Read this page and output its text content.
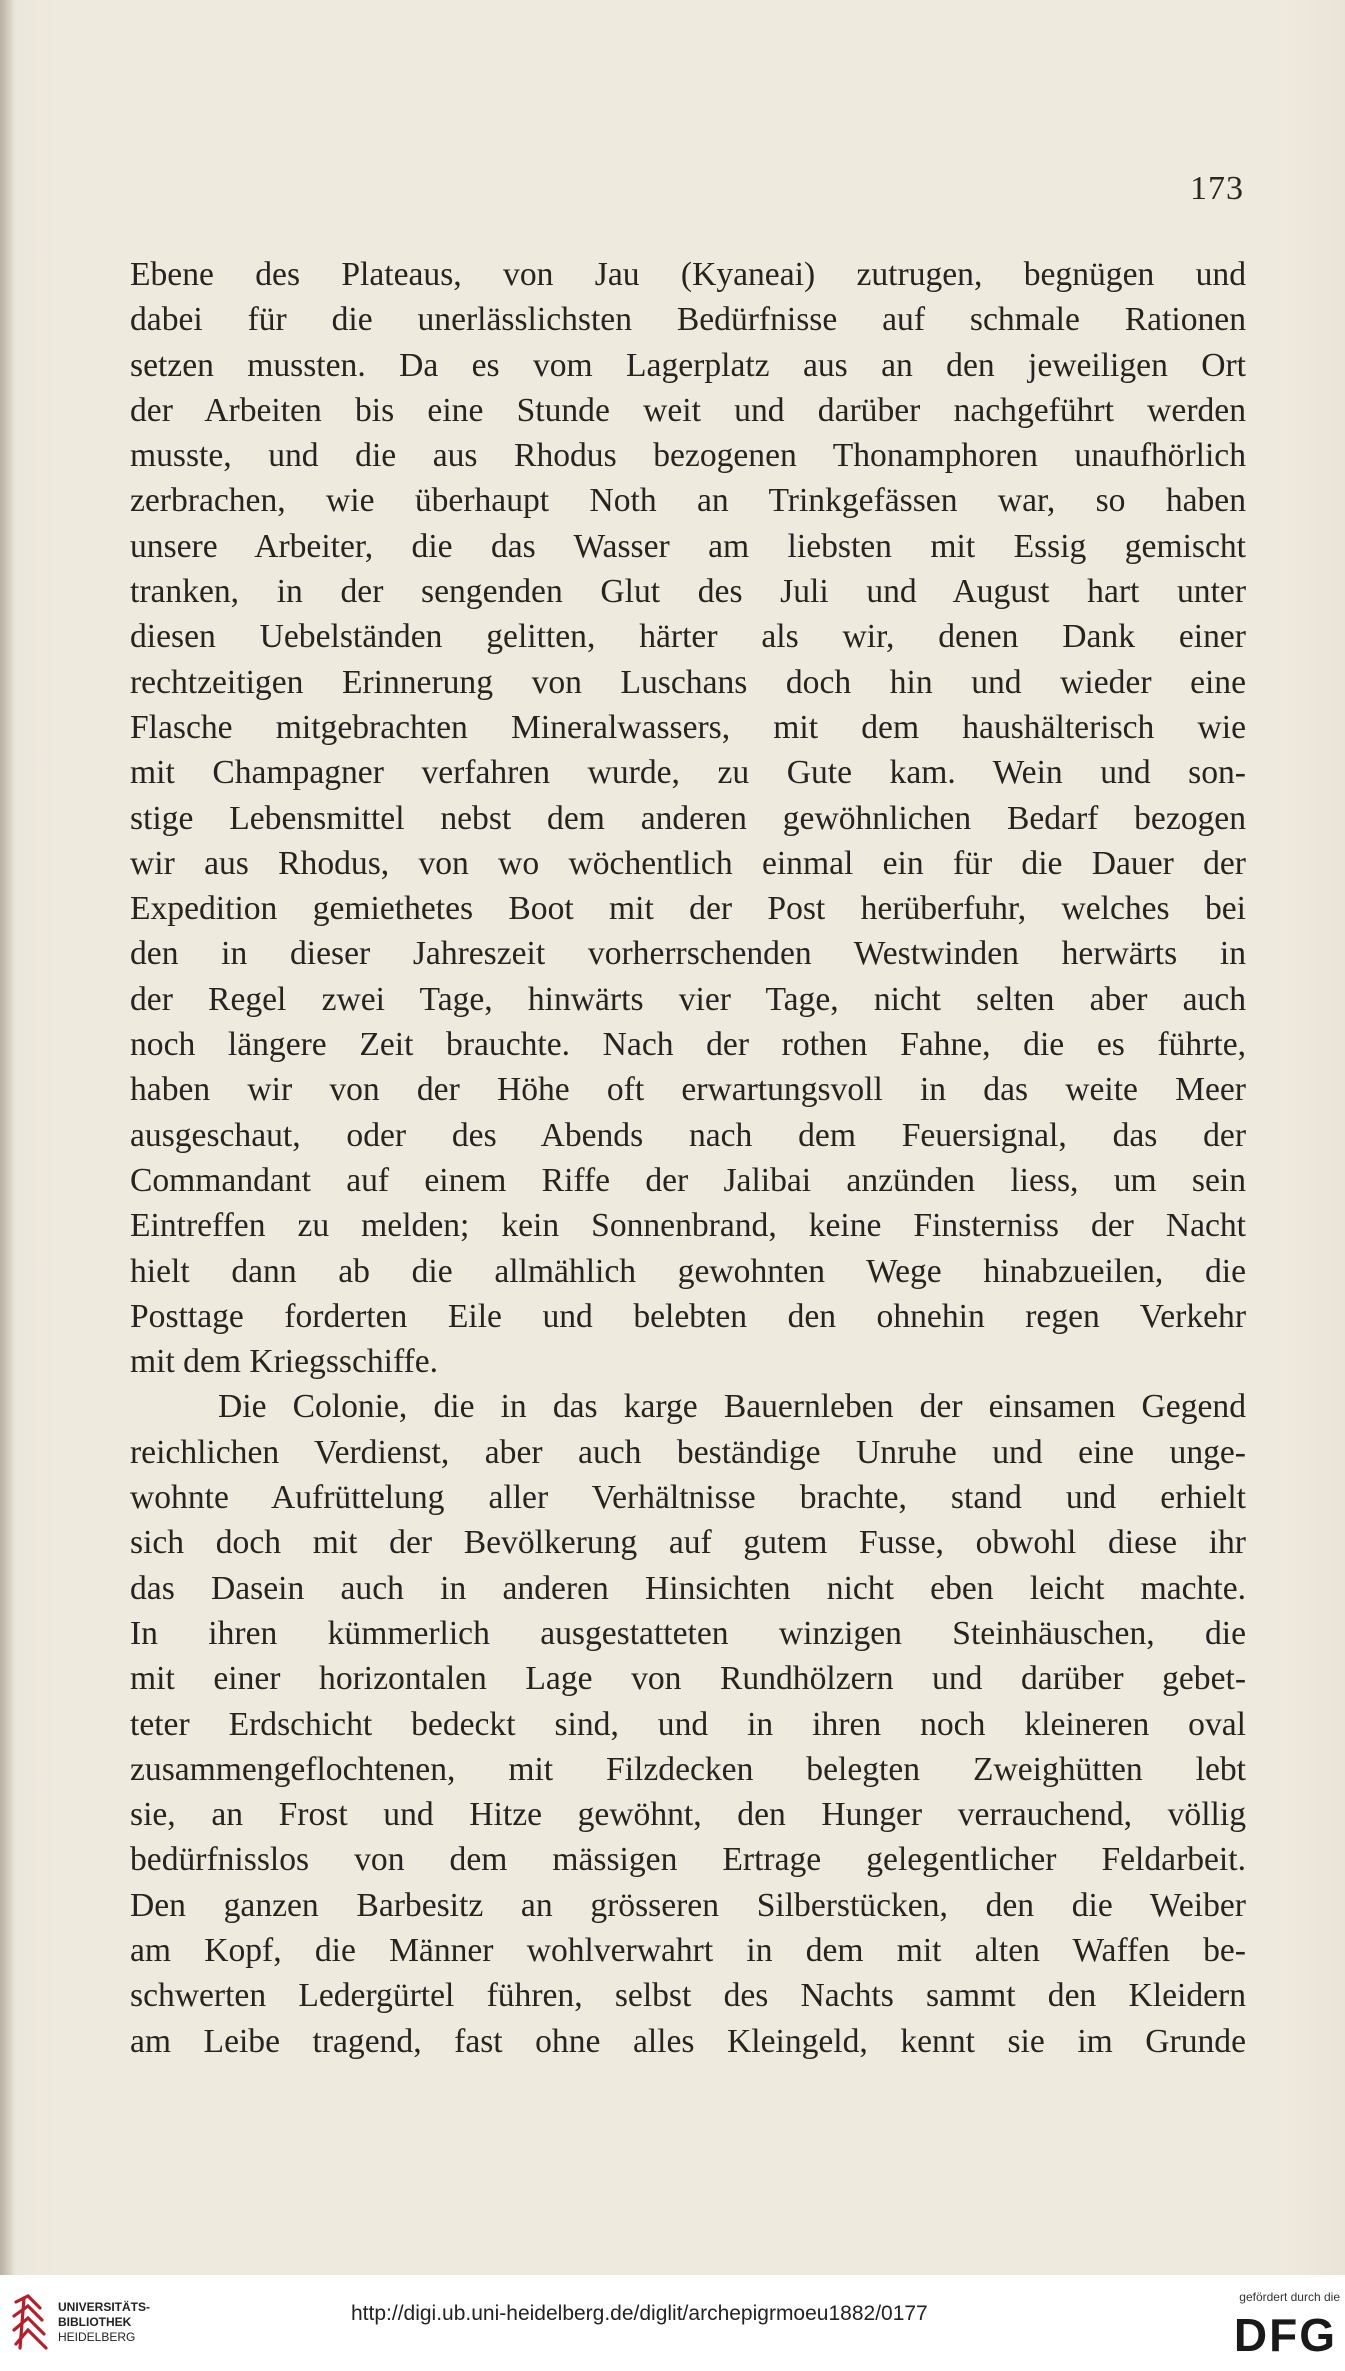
173
Ebene des Plateaus, von Jau (Kyaneai) zutrugen, begnügen und
dabei für die unerlässlichsten Bedürfnisse auf schmale Rationen
setzen mussten. Da es vom Lagerplatz aus an den jeweiligen Ort
der Arbeiten bis eine Stunde weit und darüber nachgeführt werden
musste, und die aus Rhodus bezogenen Thonamphoren unaufhörlich
zerbrachen, wie überhaupt Noth an Trinkgefässen war, so haben
unsere Arbeiter, die das Wasser am liebsten mit Essig gemischt
tranken, in der sengenden Glut des Juli und August hart unter
diesen Uebelständen gelitten, härter als wir, denen Dank einer
rechtzeitigen Erinnerung von Luschans doch hin und wieder eine
Flasche mitgebrachten Mineralwassers, mit dem haushälterisch wie
mit Champagner verfahren wurde, zu Gute kam. Wein und son-
stige Lebensmittel nebst dem anderen gewöhnlichen Bedarf bezogen
wir aus Rhodus, von wo wöchentlich einmal ein für die Dauer der
Expedition gemiethetes Boot mit der Post herüberfuhr, welches bei
den in dieser Jahreszeit vorherrschenden Westwinden herwärts in
der Regel zwei Tage, hinwärts vier Tage, nicht selten aber auch
noch längere Zeit brauchte. Nach der rothen Fahne, die es führte,
haben wir von der Höhe oft erwartungsvoll in das weite Meer
ausgeschaut, oder des Abends nach dem Feuersignal, das der
Commandant auf einem Riffe der Jalibai anzünden liess, um sein
Eintreffen zu melden; kein Sonnenbrand, keine Finsterniss der Nacht
hielt dann ab die allmählich gewohnten Wege hinabzueilen, die
Posttage forderten Eile und belebten den ohnehin regen Verkehr
mit dem Kriegsschiffe.
Die Colonie, die in das karge Bauernleben der einsamen Gegend
reichlichen Verdienst, aber auch beständige Unruhe und eine unge-
wohnte Aufrüttelung aller Verhältnisse brachte, stand und erhielt
sich doch mit der Bevölkerung auf gutem Fusse, obwohl diese ihr
das Dasein auch in anderen Hinsichten nicht eben leicht machte.
In ihren kümmerlich ausgestatteten winzigen Steinhäuschen, die
mit einer horizontalen Lage von Rundhölzern und darüber gebet-
teter Erdschicht bedeckt sind, und in ihren noch kleineren oval
zusammengeflochtenen, mit Filzdecken belegten Zweighütten lebt
sie, an Frost und Hitze gewöhnt, den Hunger verrauchend, völlig
bedürfnisslos von dem mässigen Ertrage gelegentlicher Feldarbeit.
Den ganzen Barbesitz an grösseren Silberstücken, den die Weiber
am Kopf, die Männer wohlverwahrt in dem mit alten Waffen be-
schwerten Ledergürtel führen, selbst des Nachts sammt den Kleidern
am Leibe tragend, fast ohne alles Kleingeld, kennt sie im Grunde
UNIVERSITÄTS-
BIBLIOTHEK
HEIDELBERG
http://digi.ub.uni-heidelberg.de/diglit/archepigrmoeu1882/0177
gefördert durch die
DFG
